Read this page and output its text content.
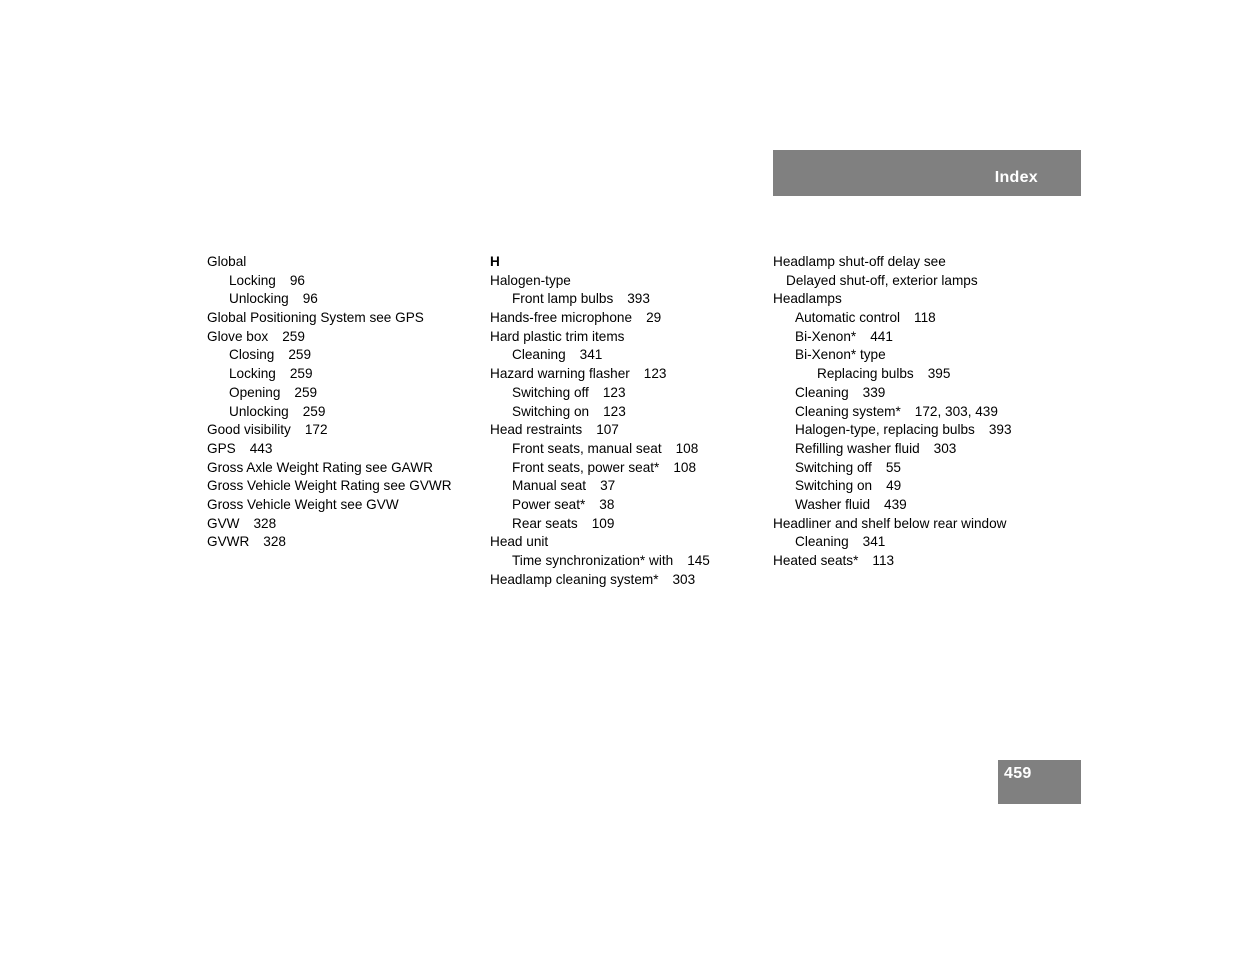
Index
Global
Locking 96
Unlocking 96
Global Positioning System see GPS
Glove box 259
Closing 259
Locking 259
Opening 259
Unlocking 259
Good visibility 172
GPS 443
Gross Axle Weight Rating see GAWR
Gross Vehicle Weight Rating see GVWR
Gross Vehicle Weight see GVW
GVW 328
GVWR 328
H
Halogen-type
Front lamp bulbs 393
Hands-free microphone 29
Hard plastic trim items
Cleaning 341
Hazard warning flasher 123
Switching off 123
Switching on 123
Head restraints 107
Front seats, manual seat 108
Front seats, power seat* 108
Manual seat 37
Power seat* 38
Rear seats 109
Head unit
Time synchronization* with 145
Headlamp cleaning system* 303
Headlamp shut-off delay see
Delayed shut-off, exterior lamps
Headlamps
Automatic control 118
Bi-Xenon* 441
Bi-Xenon* type
Replacing bulbs 395
Cleaning 339
Cleaning system* 172, 303, 439
Halogen-type, replacing bulbs 393
Refilling washer fluid 303
Switching off 55
Switching on 49
Washer fluid 439
Headliner and shelf below rear window
Cleaning 341
Heated seats* 113
459
